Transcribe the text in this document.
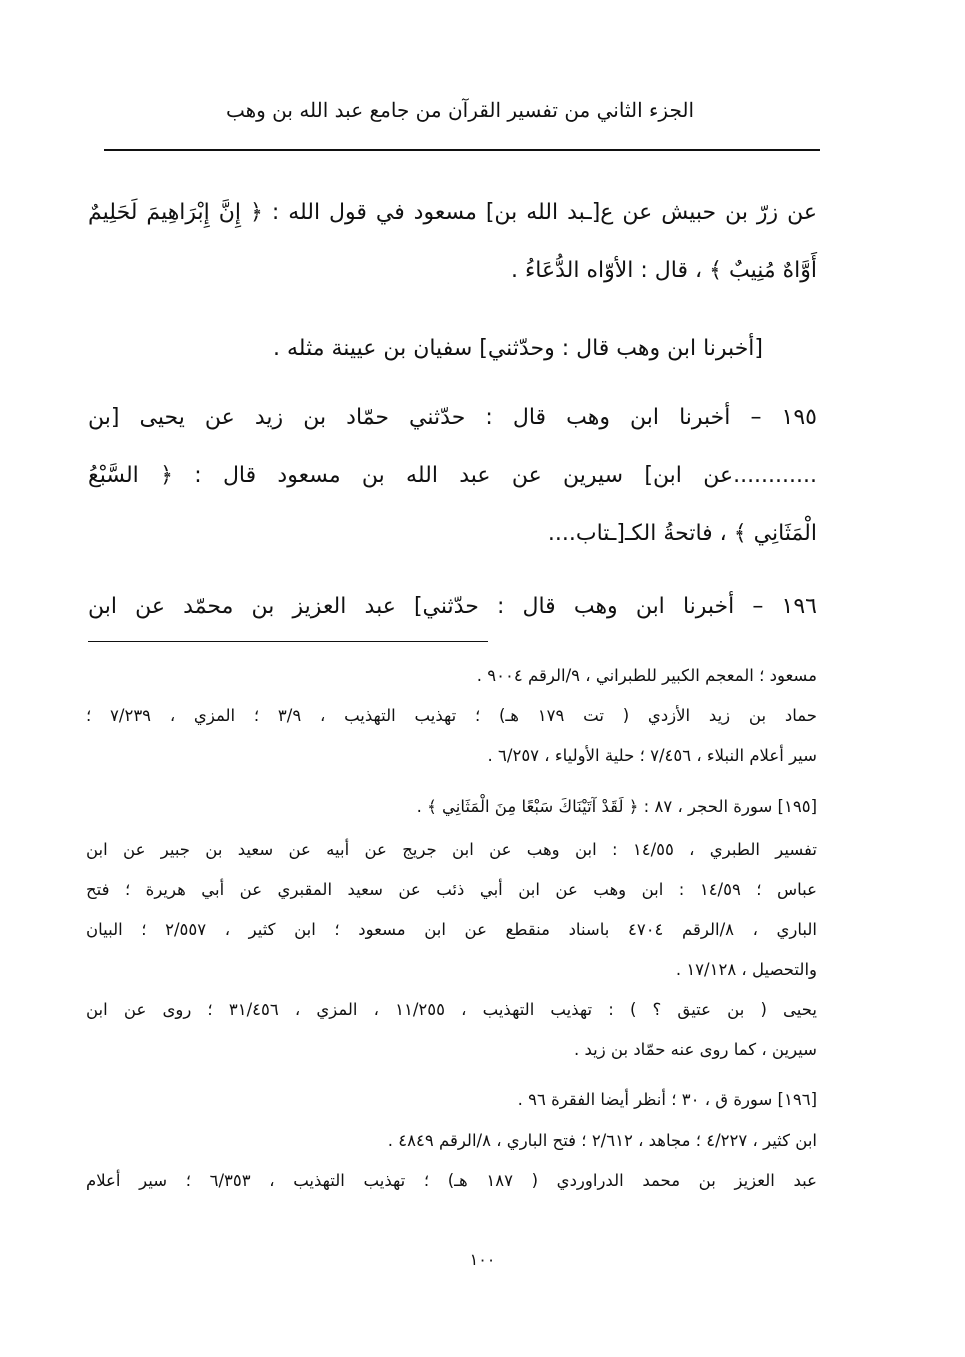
الجزء الثاني من تفسير القرآن من جامع عبد الله بن وهب
عن زرّ بن حبيش عن ع[ـبد الله بن] مسعود في قول الله : ﴿ إِنَّ إِبْرَاهِيمَ لَحَلِيمٌ
أَوَّاهٌ مُنِيبٌ ﴾ ، قال : الأوّاه الدُّعَاءُ .
[أخبرنا ابن وهب قال : وحدّثني] سفيان بن عيينة مثله .
١٩٥ – أخبرنا ابن وهب قال : حدّثني حمّاد بن زيد عن يحيى [بن
............عن ابن] سيرين عن عبد الله بن مسعود قال : ﴿ السَّبْعُ
الْمَثَانِي ﴾ ، فاتحةُ الكـ[ـتاب....
١٩٦ – أخبرنا ابن وهب قال : حدّثني] عبد العزيز بن محمّد عن ابن
مسعود ؛ المعجم الكبير للطبراني ، ٩/الرقم ٩٠٠٤ .
حماد بن زيد الأزدي ( تت ١٧٩ هـ) ؛ تهذيب التهذيب ، ٣/٩ ؛ المزي ، ٧/٢٣٩ ؛
سير أعلام النبلاء ، ٧/٤٥٦ ؛ حلية الأولياء ، ٦/٢٥٧ .
[١٩٥] سورة الحجر ، ٨٧ : ﴿ لَقَدْ آتَيْنَاكَ سَبْعًا مِنَ الْمَثَانِي ﴾ .
تفسير الطبري ، ١٤/٥٥ : ابن وهب عن ابن جريج عن أبيه عن سعيد بن جبير عن ابن
عباس ؛ ١٤/٥٩ : ابن وهب عن ابن أبي ذئب عن سعيد المقبري عن أبي هريرة ؛ فتح
الباري ، ٨/الرقم ٤٧٠٤ باسناد منقطع عن ابن مسعود ؛ ابن كثير ، ٢/٥٥٧ ؛ البيان
والتحصيل ، ١٧/١٢٨ .
يحيى ( بن عتيق ؟ ) : تهذيب التهذيب ، ١١/٢٥٥ ، المزي ، ٣١/٤٥٦ ؛ روى عن ابن
سيرين ، كما روى عنه حمّاد بن زيد .
[١٩٦] سورة ق ، ٣٠ ؛ أنظر أيضا الفقرة ٩٦ .
ابن كثير ، ٤/٢٢٧ ؛ مجاهد ، ٢/٦١٢ ؛ فتح الباري ، ٨/الرقم ٤٨٤٩ .
عبد العزيز بن محمد الدراوردي ( ١٨٧ هـ) ؛ تهذيب التهذيب ، ٦/٣٥٣ ؛ سير أعلام
١٠٠
